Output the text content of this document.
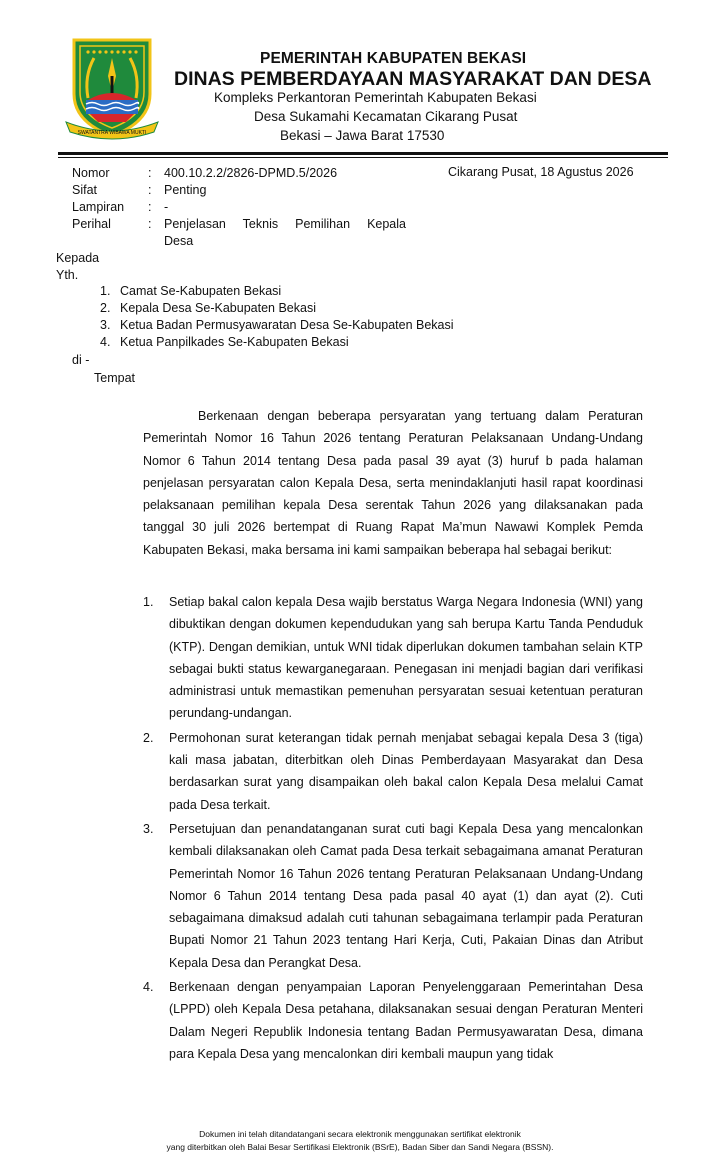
SWATANTRA WIBAWA MUKTI
PEMERINTAH KABUPATEN BEKASI
DINAS PEMBERDAYAAN MASYARAKAT DAN DESA
Kompleks Perkantoran Pemerintah Kabupaten Bekasi
Desa Sukamahi Kecamatan Cikarang Pusat
Bekasi – Jawa Barat 17530
Nomor	: 400.10.2.2/2826-DPMD.5/2026
Sifat	: Penting
Lampiran : -
Perihal	: Penjelasan Teknis Pemilihan Kepala
Desa
Cikarang Pusat, 18 Agustus 2026
Kepada
Yth.
1. Camat Se-Kabupaten Bekasi
2. Kepala Desa Se-Kabupaten Bekasi
3. Ketua Badan Permusyawaratan Desa Se-Kabupaten Bekasi
4. Ketua Panpilkades Se-Kabupaten Bekasi
di -
Tempat

Berkenaan dengan beberapa persyaratan yang tertuang dalam Peraturan Pemerintah Nomor 16 Tahun 2026 tentang Peraturan Pelaksanaan Undang-Undang Nomor 6 Tahun 2014 tentang Desa pada pasal 39 ayat (3) huruf b pada halaman penjelasan persyaratan calon Kepala Desa, serta menindaklanjuti hasil rapat koordinasi pelaksanaan pemilihan kepala Desa serentak Tahun 2026 yang dilaksanakan pada tanggal 30 juli 2026 bertempat di Ruang Rapat Ma’mun Nawawi Komplek Pemda Kabupaten Bekasi, maka bersama ini kami sampaikan beberapa hal sebagai berikut:

1. Setiap bakal calon kepala Desa wajib berstatus Warga Negara Indonesia (WNI) yang dibuktikan dengan dokumen kependudukan yang sah berupa Kartu Tanda Penduduk (KTP). Dengan demikian, untuk WNI tidak diperlukan dokumen tambahan selain KTP sebagai bukti status kewarganegaraan. Penegasan ini menjadi bagian dari verifikasi administrasi untuk memastikan pemenuhan persyaratan sesuai ketentuan peraturan perundang-undangan.
2. Permohonan surat keterangan tidak pernah menjabat sebagai kepala Desa 3 (tiga) kali masa jabatan, diterbitkan oleh Dinas Pemberdayaan Masyarakat dan Desa berdasarkan surat yang disampaikan oleh bakal calon Kepala Desa melalui Camat pada Desa terkait.
3. Persetujuan dan penandatanganan surat cuti bagi Kepala Desa yang mencalonkan kembali dilaksanakan oleh Camat pada Desa terkait sebagaimana amanat Peraturan Pemerintah Nomor 16 Tahun 2026 tentang Peraturan Pelaksanaan Undang-Undang Nomor 6 Tahun 2014 tentang Desa pada pasal 40 ayat (1) dan ayat (2). Cuti sebagaimana dimaksud adalah cuti tahunan sebagaimana terlampir pada Peraturan Bupati Nomor 21 Tahun 2023 tentang Hari Kerja, Cuti, Pakaian Dinas dan Atribut Kepala Desa dan Perangkat Desa.
4. Berkenaan dengan penyampaian Laporan Penyelenggaraan Pemerintahan Desa (LPPD) oleh Kepala Desa petahana, dilaksanakan sesuai dengan Peraturan Menteri Dalam Negeri Republik Indonesia tentang Badan Permusyawaratan Desa, dimana para Kepala Desa yang mencalonkan diri kembali maupun yang tidak
Dokumen ini telah ditandatangani secara elektronik menggunakan sertifikat elektronik
yang diterbitkan oleh Balai Besar Sertifikasi Elektronik (BSrE), Badan Siber dan Sandi Negara (BSSN).
